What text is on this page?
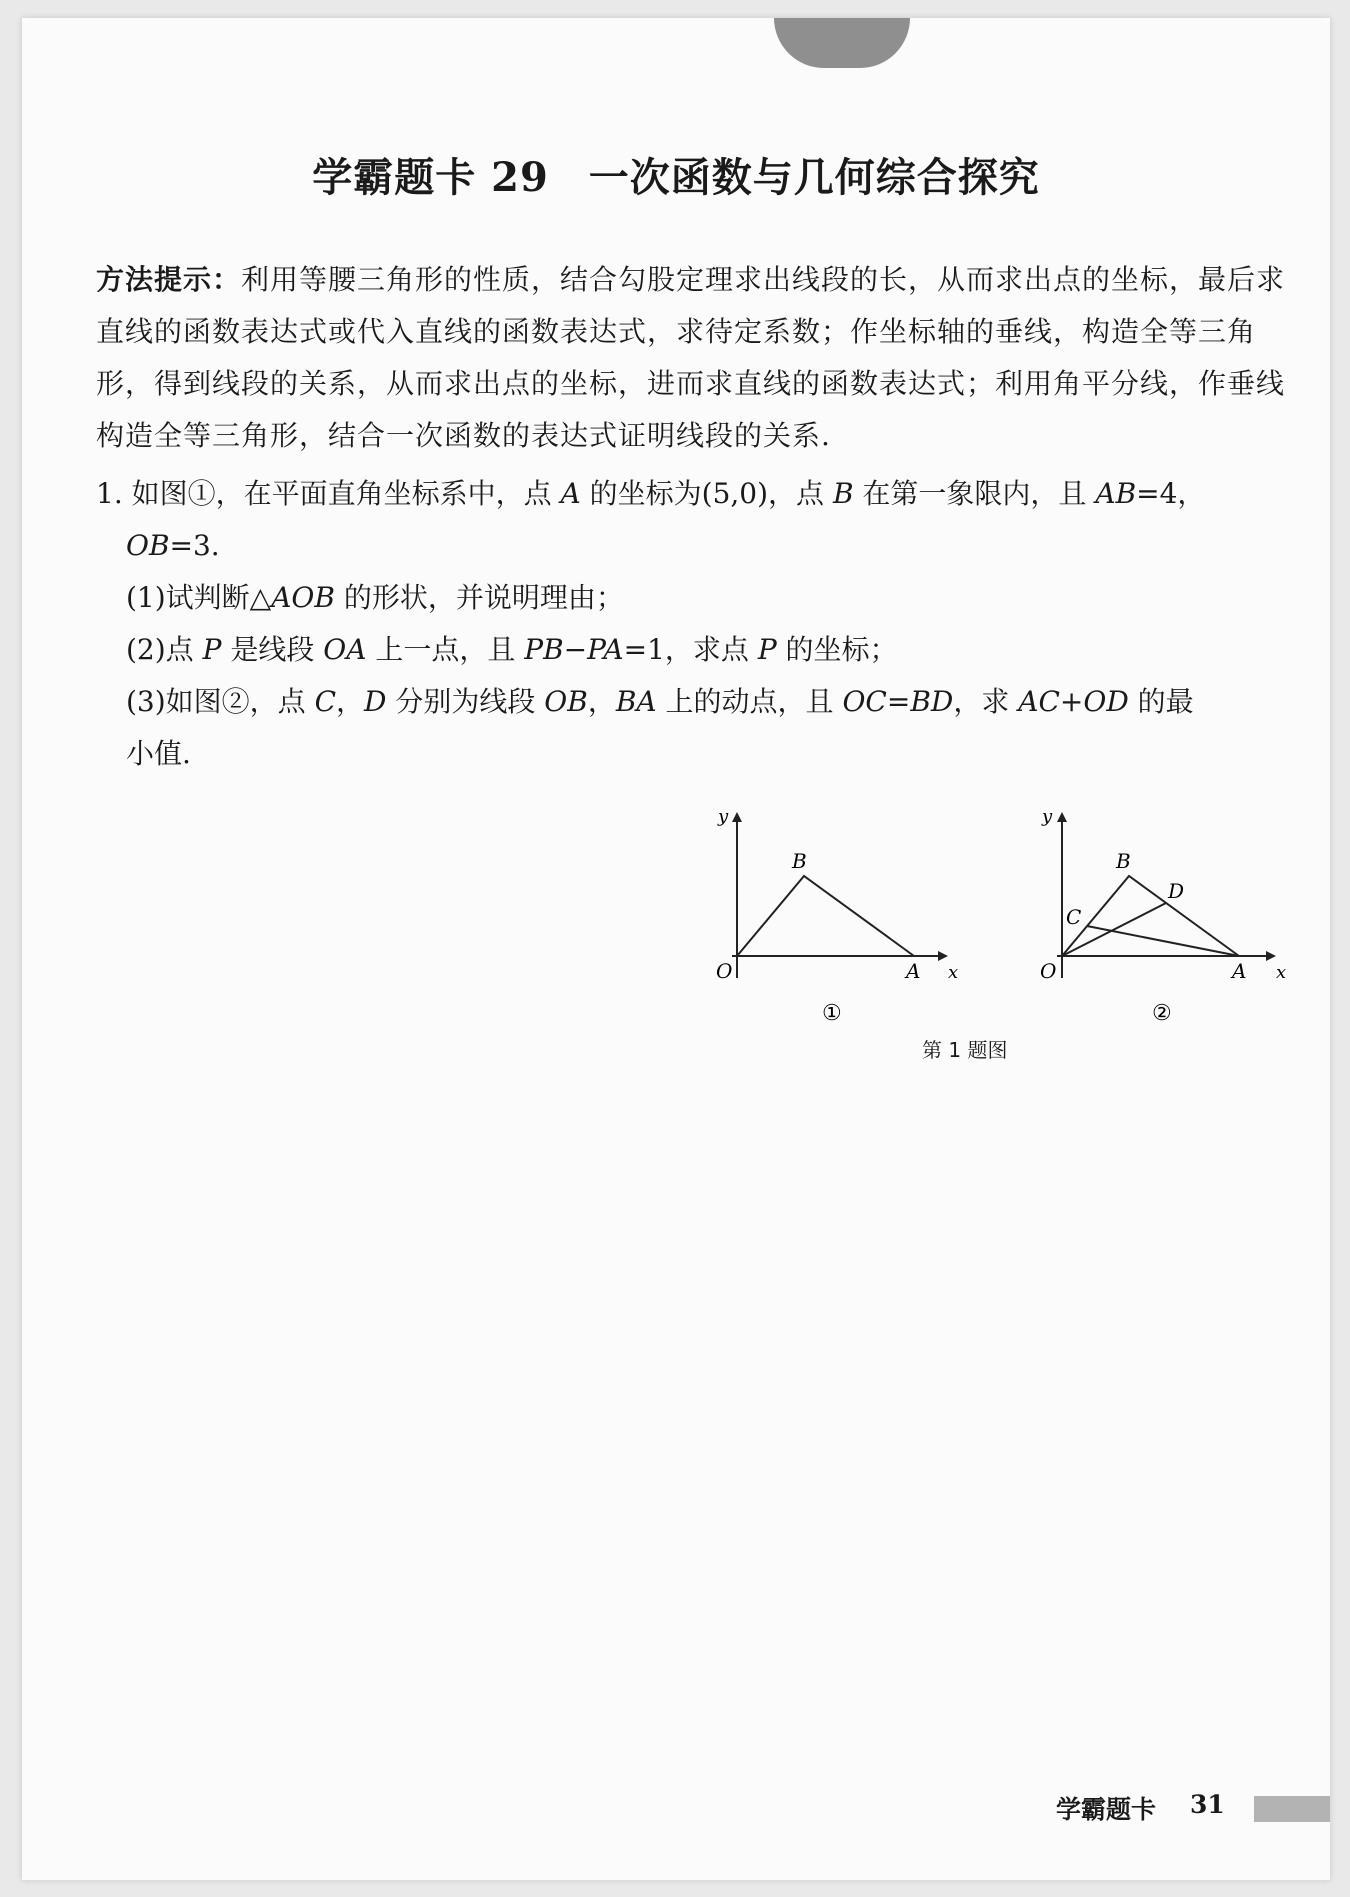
学霸题卡 29 一次函数与几何综合探究
方法提示：利用等腰三角形的性质，结合勾股定理求出线段的长，从而求出点的坐标，最后求直线的函数表达式或代入直线的函数表达式，求待定系数；作坐标轴的垂线，构造全等三角形，得到线段的关系，从而求出点的坐标，进而求直线的函数表达式；利用角平分线，作垂线构造全等三角形，结合一次函数的表达式证明线段的关系.
1. 如图①，在平面直角坐标系中，点 A 的坐标为(5,0)，点 B 在第一象限内，且 AB=4，
OB=3.
(1)试判断△AOB 的形状，并说明理由；
(2)点 P 是线段 OA 上一点，且 PB−PA=1，求点 P 的坐标；
(3)如图②，点 C，D 分别为线段 OB，BA 上的动点，且 OC=BD，求 AC+OD 的最
小值.
y
x
O	A
B
①
y
x
O	A
B
C
D
②
第 1 题图
学霸题卡 31
